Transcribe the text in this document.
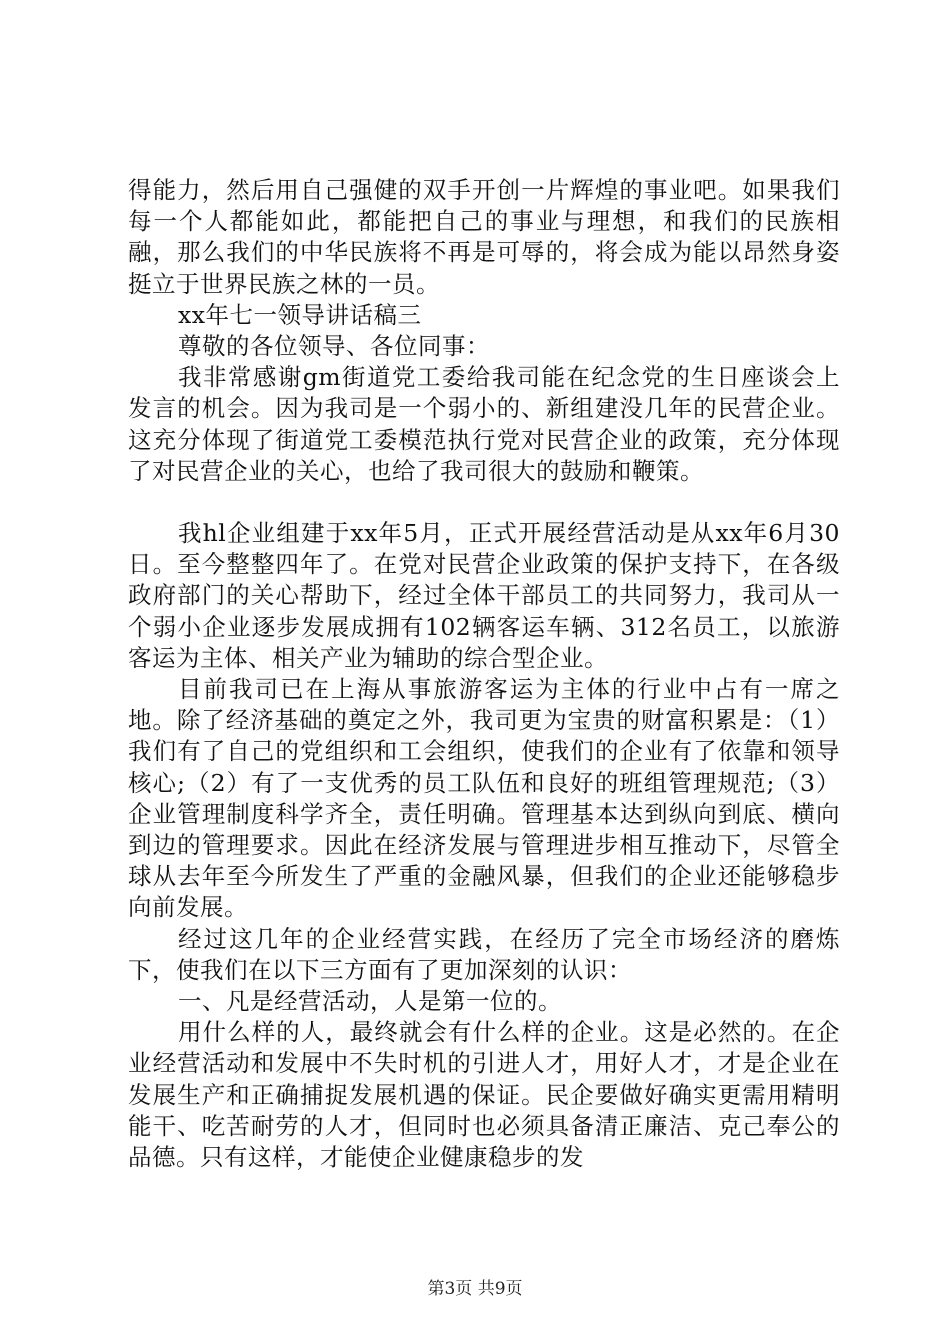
得能力，然后用自己强健的双手开创一片辉煌的事业吧。如果我们每一个人都能如此，都能把自己的事业与理想，和我们的民族相融，那么我们的中华民族将不再是可辱的，将会成为能以昂然身姿挺立于世界民族之林的一员。

xx年七一领导讲话稿三

尊敬的各位领导、各位同事：

我非常感谢gm街道党工委给我司能在纪念党的生日座谈会上发言的机会。因为我司是一个弱小的、新组建没几年的民营企业。这充分体现了街道党工委模范执行党对民营企业的政策，充分体现了对民营企业的关心，也给了我司很大的鼓励和鞭策。

我hl企业组建于xx年5月，正式开展经营活动是从xx年6月30日。至今整整四年了。在党对民营企业政策的保护支持下，在各级政府部门的关心帮助下，经过全体干部员工的共同努力，我司从一个弱小企业逐步发展成拥有102辆客运车辆、312名员工，以旅游客运为主体、相关产业为辅助的综合型企业。

目前我司已在上海从事旅游客运为主体的行业中占有一席之地。除了经济基础的奠定之外，我司更为宝贵的财富积累是：（1）我们有了自己的党组织和工会组织，使我们的企业有了依靠和领导核心;（2）有了一支优秀的员工队伍和良好的班组管理规范;（3）企业管理制度科学齐全，责任明确。管理基本达到纵向到底、横向到边的管理要求。因此在经济发展与管理进步相互推动下，尽管全球从去年至今所发生了严重的金融风暴，但我们的企业还能够稳步向前发展。

经过这几年的企业经营实践，在经历了完全市场经济的磨炼下，使我们在以下三方面有了更加深刻的认识：

一、凡是经营活动，人是第一位的。

用什么样的人，最终就会有什么样的企业。这是必然的。在企业经营活动和发展中不失时机的引进人才，用好人才，才是企业在发展生产和正确捕捉发展机遇的保证。民企要做好确实更需用精明能干、吃苦耐劳的人才，但同时也必须具备清正廉洁、克己奉公的品德。只有这样，才能使企业健康稳步的发

第3页 共9页
